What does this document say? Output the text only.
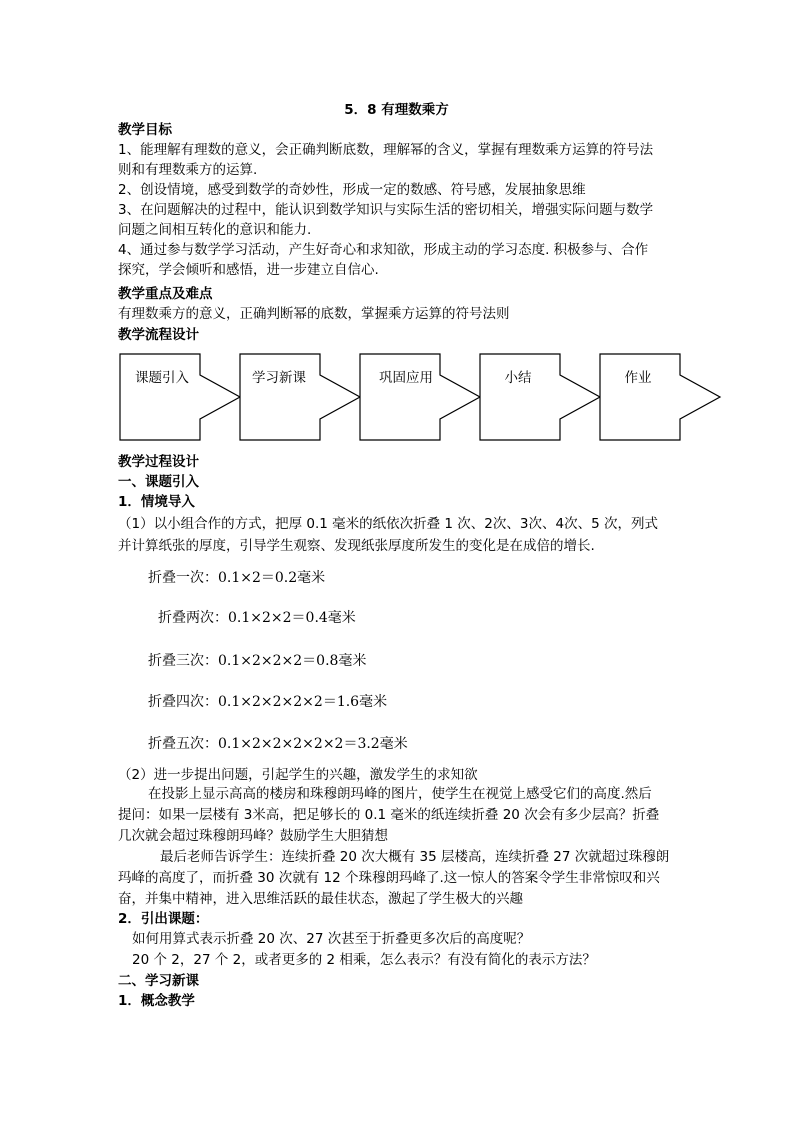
5．8 有理数乘方
教学目标
1、能理解有理数的意义，会正确判断底数，理解幂的含义，掌握有理数乘方运算的符号法
则和有理数乘方的运算.
2、创设情境，感受到数学的奇妙性，形成一定的数感、符号感，发展抽象思维
3、在问题解决的过程中，能认识到数学知识与实际生活的密切相关，增强实际问题与数学
问题之间相互转化的意识和能力.
4、通过参与数学学习活动，产生好奇心和求知欲，形成主动的学习态度. 积极参与、合作
探究，学会倾听和感悟，进一步建立自信心.
教学重点及难点
有理数乘方的意义，正确判断幂的底数，掌握乘方运算的符号法则
教学流程设计
课题引入	学习新课	巩固应用	小结	作业
教学过程设计
一、课题引入
1．情境导入
（1）以小组合作的方式，把厚 0.1 毫米的纸依次折叠 1 次、2次、3次、4次、5 次，列式
并计算纸张的厚度，引导学生观察、发现纸张厚度所发生的变化是在成倍的增长.
折叠一次：0.1×2＝0.2毫米
折叠两次：0.1×2×2＝0.4毫米
折叠三次：0.1×2×2×2＝0.8毫米
折叠四次：0.1×2×2×2×2＝1.6毫米
折叠五次：0.1×2×2×2×2×2＝3.2毫米
（2）进一步提出问题，引起学生的兴趣，激发学生的求知欲
在投影上显示高高的楼房和珠穆朗玛峰的图片，使学生在视觉上感受它们的高度.然后
提问：如果一层楼有 3米高，把足够长的 0.1 毫米的纸连续折叠 20 次会有多少层高？折叠
几次就会超过珠穆朗玛峰？鼓励学生大胆猜想
最后老师告诉学生：连续折叠 20 次大概有 35 层楼高，连续折叠 27 次就超过珠穆朗
玛峰的高度了，而折叠 30 次就有 12 个珠穆朗玛峰了.这一惊人的答案令学生非常惊叹和兴
奋，并集中精神，进入思维活跃的最佳状态，激起了学生极大的兴趣
2．引出课题：
如何用算式表示折叠 20 次、27 次甚至于折叠更多次后的高度呢？
20 个 2，27 个 2，或者更多的 2 相乘，怎么表示？有没有简化的表示方法？
二、学习新课
1．概念教学
